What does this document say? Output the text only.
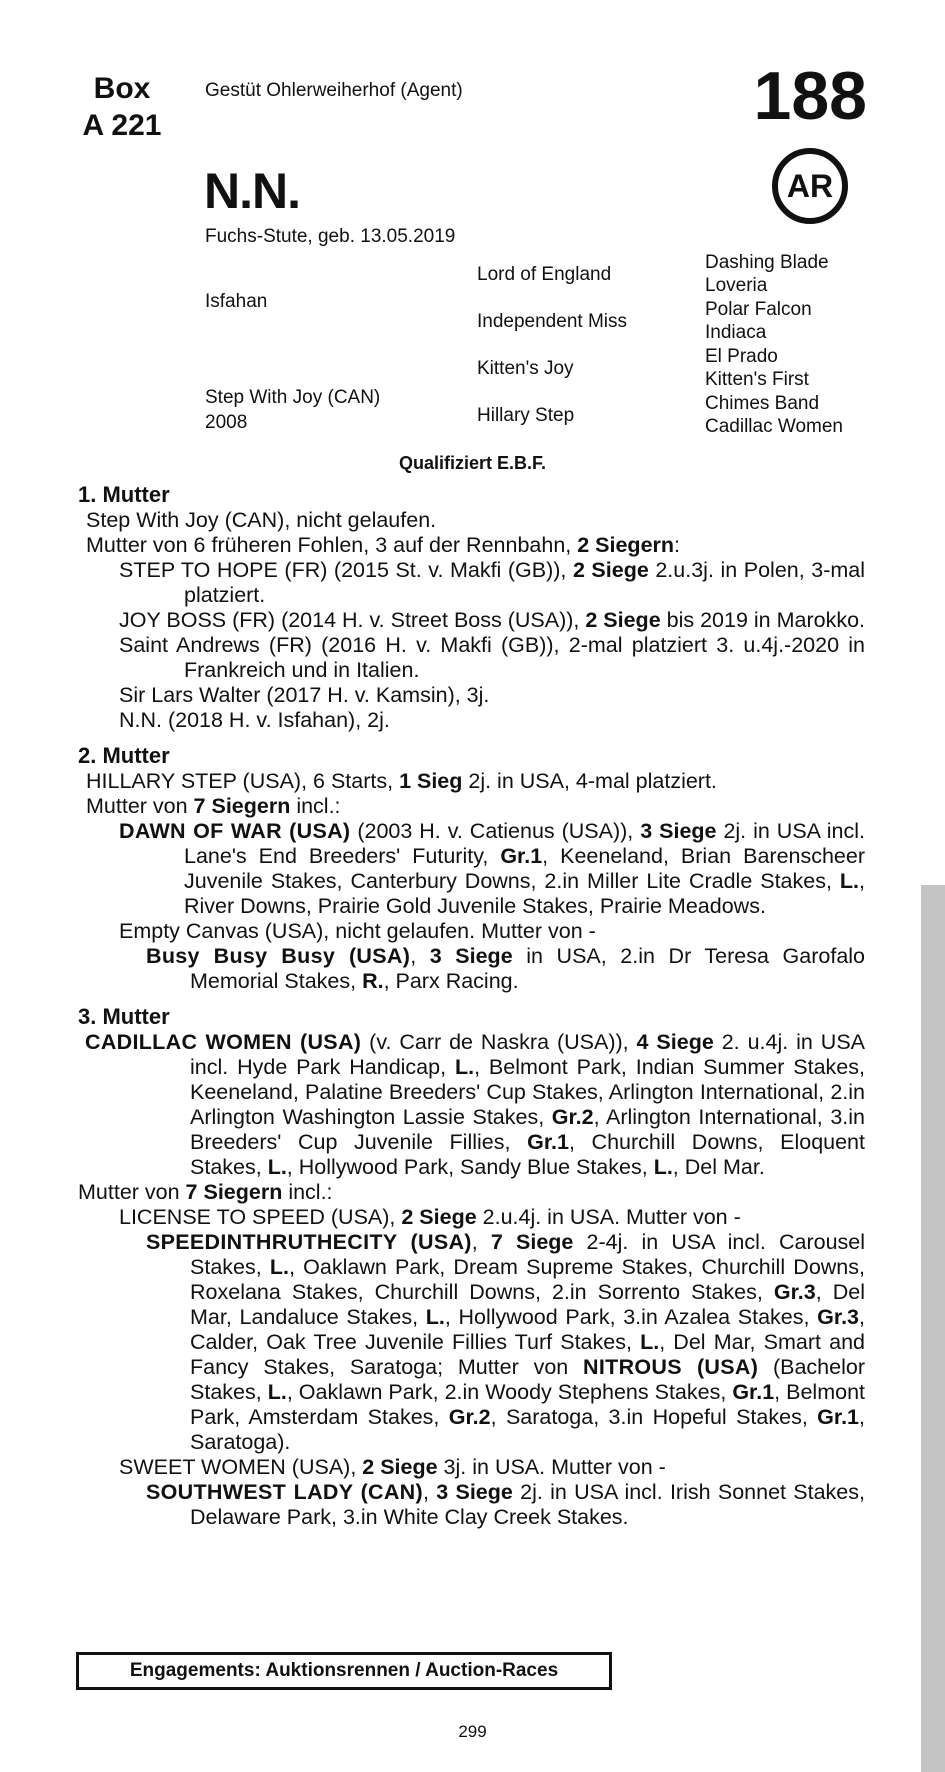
Box
A 221
Gestüt Ohlerweiherhof (Agent)	188
AR
N.N.
Fuchs-Stute, geb. 13.05.2019
Isfahan
Step With Joy (CAN)
2008
Lord of England
Independent Miss
Kitten's Joy
Hillary Step
Dashing Blade
Loveria
Polar Falcon
Indiaca
El Prado
Kitten's First
Chimes Band
Cadillac Women
Qualifiziert E.B.F.
1. Mutter
Step With Joy (CAN), nicht gelaufen.
Mutter von 6 früheren Fohlen, 3 auf der Rennbahn, 2 Siegern:
STEP TO HOPE (FR) (2015 St. v. Makfi (GB)), 2 Siege 2.u.3j. in Polen, 3-mal platziert.
JOY BOSS (FR) (2014 H. v. Street Boss (USA)), 2 Siege bis 2019 in Marokko.
Saint Andrews (FR) (2016 H. v. Makfi (GB)), 2-mal platziert 3. u.4j.-2020 in Frankreich und in Italien.
Sir Lars Walter (2017 H. v. Kamsin), 3j.
N.N. (2018 H. v. Isfahan), 2j.
2. Mutter
HILLARY STEP (USA), 6 Starts, 1 Sieg 2j. in USA, 4-mal platziert.
Mutter von 7 Siegern incl.:
DAWN OF WAR (USA) (2003 H. v. Catienus (USA)), 3 Siege 2j. in USA incl. Lane's End Breeders' Futurity, Gr.1, Keeneland, Brian Barenscheer Juvenile Stakes, Canterbury Downs, 2.in Miller Lite Cradle Stakes, L., River Downs, Prairie Gold Juvenile Stakes, Prairie Meadows.
Empty Canvas (USA), nicht gelaufen. Mutter von -
Busy Busy Busy (USA), 3 Siege in USA, 2.in Dr Teresa Garofalo Memorial Stakes, R., Parx Racing.
3. Mutter
CADILLAC WOMEN (USA) (v. Carr de Naskra (USA)), 4 Siege 2. u.4j. in USA incl. Hyde Park Handicap, L., Belmont Park, Indian Summer Stakes, Keeneland, Palatine Breeders' Cup Stakes, Arlington International, 2.in Arlington Washington Lassie Stakes, Gr.2, Arlington International, 3.in Breeders' Cup Juvenile Fillies, Gr.1, Churchill Downs, Eloquent Stakes, L., Hollywood Park, Sandy Blue Stakes, L., Del Mar.
Mutter von 7 Siegern incl.:
LICENSE TO SPEED (USA), 2 Siege 2.u.4j. in USA. Mutter von -
SPEEDINTHRUTHECITY (USA), 7 Siege 2-4j. in USA incl. Carousel Stakes, L., Oaklawn Park, Dream Supreme Stakes, Churchill Downs, Roxelana Stakes, Churchill Downs, 2.in Sorrento Stakes, Gr.3, Del Mar, Landaluce Stakes, L., Hollywood Park, 3.in Azalea Stakes, Gr.3, Calder, Oak Tree Juvenile Fillies Turf Stakes, L., Del Mar, Smart and Fancy Stakes, Saratoga; Mutter von NITROUS (USA) (Bachelor Stakes, L., Oaklawn Park, 2.in Woody Stephens Stakes, Gr.1, Belmont Park, Amsterdam Stakes, Gr.2, Saratoga, 3.in Hopeful Stakes, Gr.1, Saratoga).
SWEET WOMEN (USA), 2 Siege 3j. in USA. Mutter von -
SOUTHWEST LADY (CAN), 3 Siege 2j. in USA incl. Irish Sonnet Stakes, Delaware Park, 3.in White Clay Creek Stakes.
Engagements: Auktionsrennen / Auction-Races
299
